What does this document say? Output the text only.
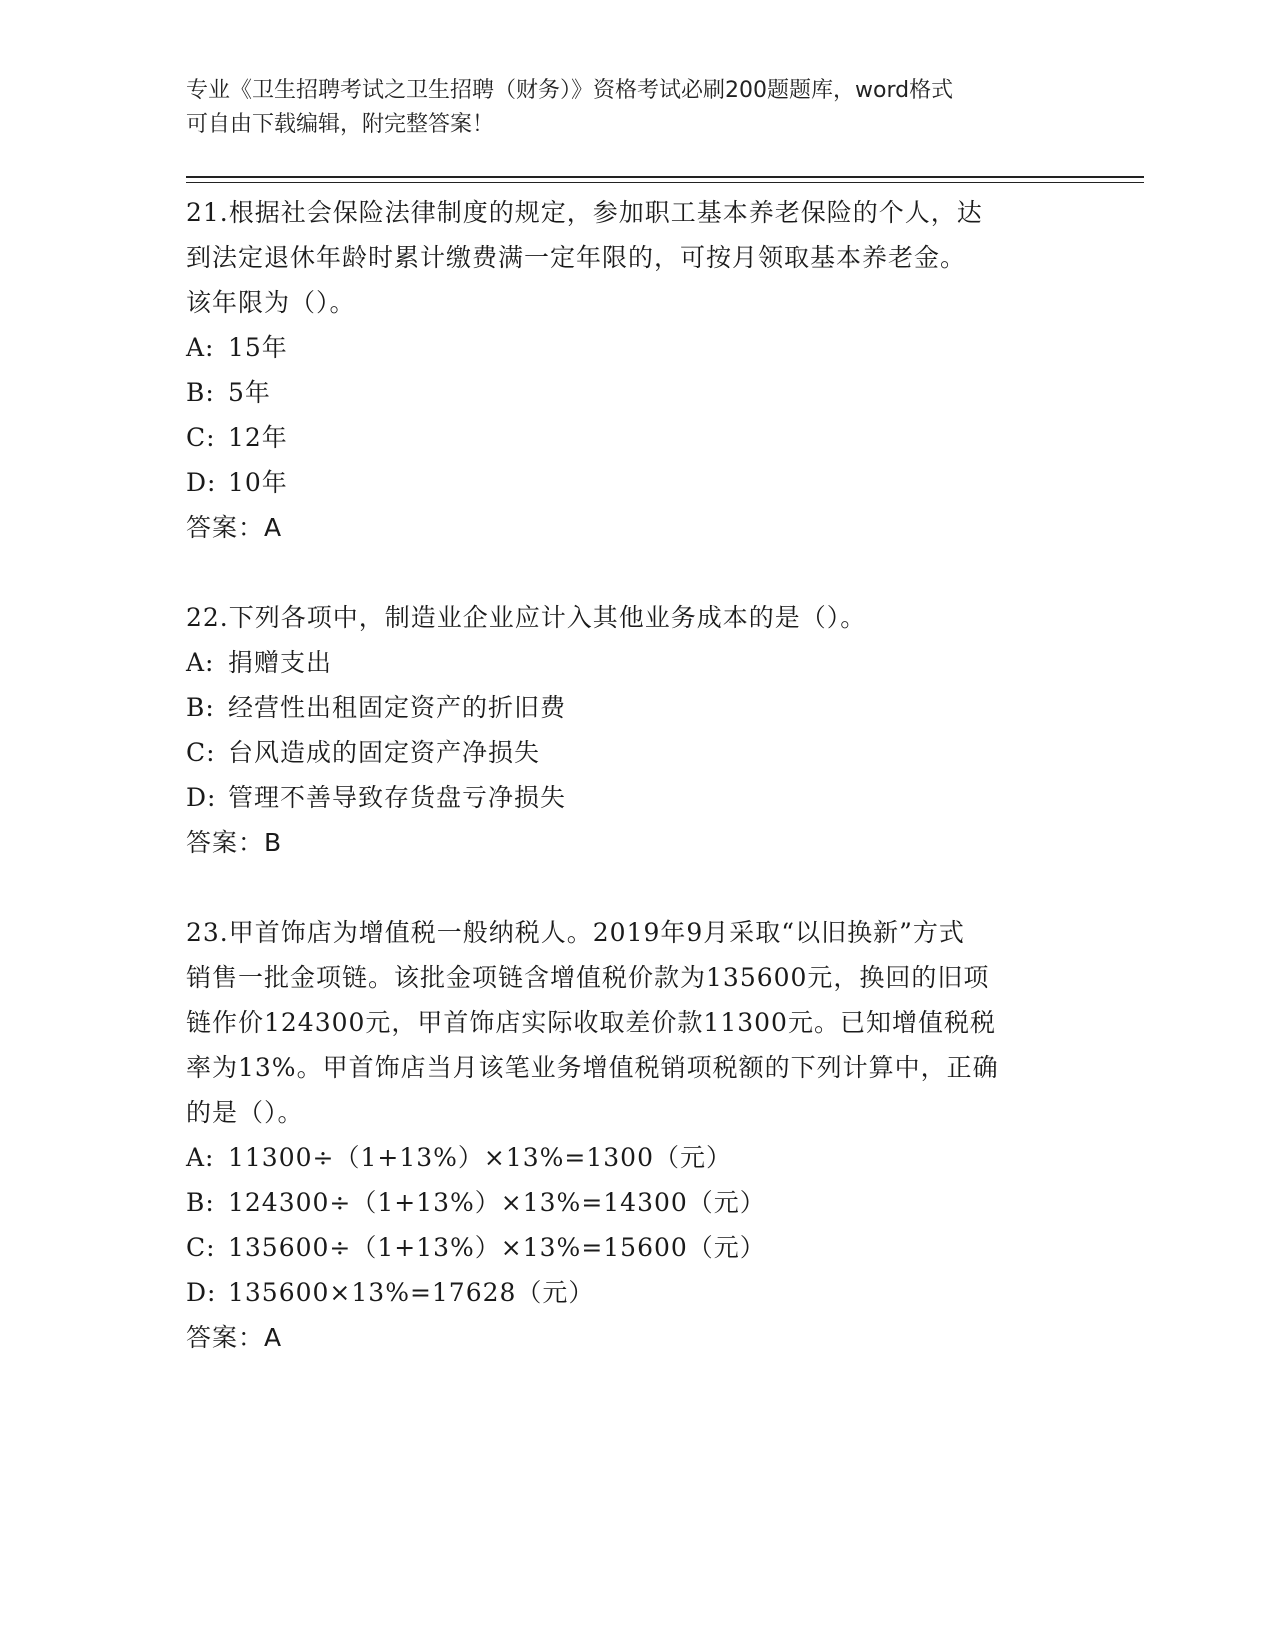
专业《卫生招聘考试之卫生招聘（财务）》资格考试必刷200题题库，word格式
可自由下载编辑，附完整答案！
21.根据社会保险法律制度的规定，参加职工基本养老保险的个人，达
到法定退休年龄时累计缴费满一定年限的，可按月领取基本养老金。
该年限为（）。
A: 15年
B: 5年
C: 12年
D: 10年
答案：A
22.下列各项中，制造业企业应计入其他业务成本的是（）。
A: 捐赠支出
B: 经营性出租固定资产的折旧费
C: 台风造成的固定资产净损失
D: 管理不善导致存货盘亏净损失
答案：B
23.甲首饰店为增值税一般纳税人。2019年9月采取“以旧换新”方式
销售一批金项链。该批金项链含增值税价款为135600元，换回的旧项
链作价124300元，甲首饰店实际收取差价款11300元。已知增值税税
率为13%。甲首饰店当月该笔业务增值税销项税额的下列计算中，正确
的是（）。
A: 11300÷（1+13%）×13%=1300（元）
B: 124300÷（1+13%）×13%=14300（元）
C: 135600÷（1+13%）×13%=15600（元）
D: 135600×13%=17628（元）
答案：A
